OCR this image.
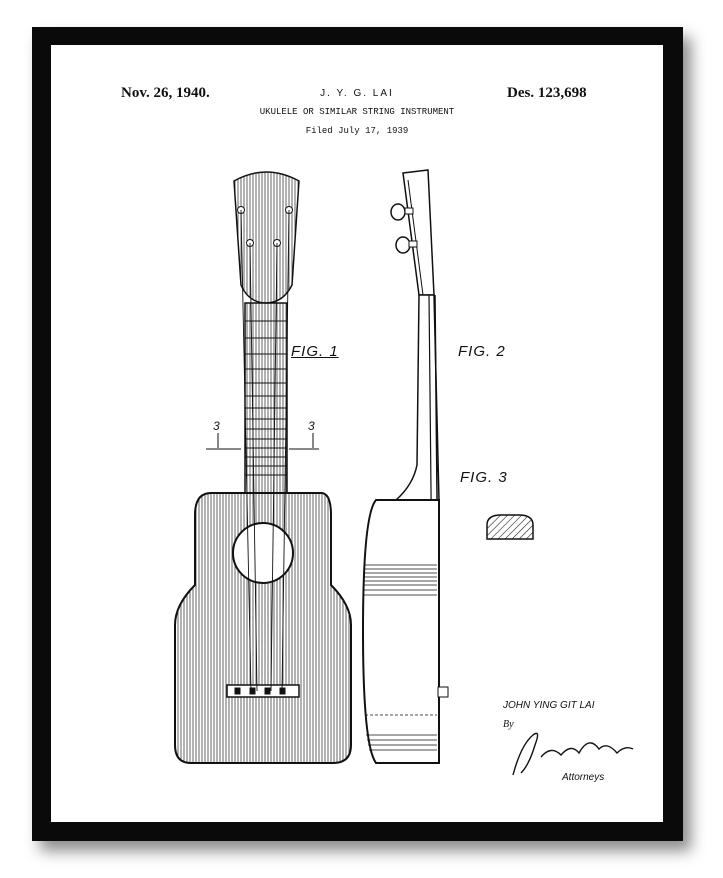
Nov. 26, 1940.	J. Y. G. LAI	Des. 123,698
UKULELE OR SIMILAR STRING INSTRUMENT
Filed July 17, 1939
FIG. 1	FIG. 2
FIG. 3
3	3
JOHN YING GIT LAI
By
Attorneys
